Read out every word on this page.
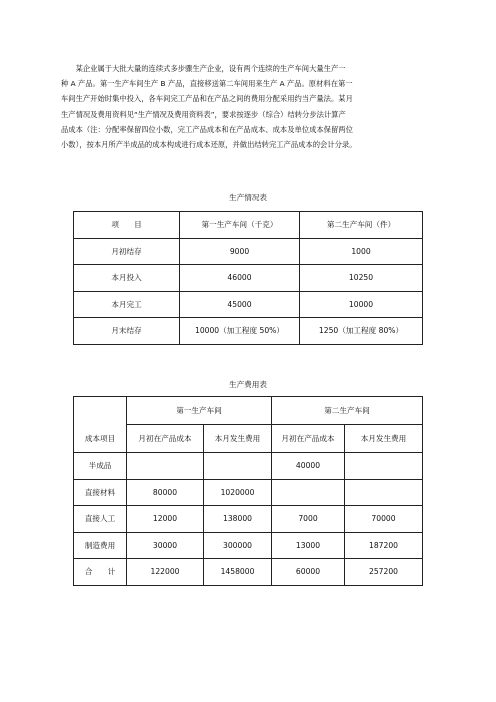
　　某企业属于大批大量的连续式多步骤生产企业，设有两个连续的生产车间大量生产一
种 A 产品。第一生产车间生产 B 产品，直接移送第二车间用来生产 A 产品。原材料在第一
车间生产开始时集中投入，各车间完工产品和在产品之间的费用分配采用约当产量法。某月
生产情况及费用资料见“生产情况及费用资料表”，要求按逐步（综合）结转分步法计算产
品成本（注：分配率保留四位小数，完工产品成本和在产品成本、成本及单位成本保留两位
小数），按本月所产半成品的成本构成进行成本还原，并做出结转完工产品成本的会计分录。
生产情况表
项　　目	第一生产车间（千克）	第二生产车间（件）
月初结存	9000	1000
本月投入	46000	10250
本月完工	45000	10000
月末结存	10000（加工程度 50%）	1250（加工程度 80%）
生产费用表
	第一生产车间		第二生产车间	
成本项目	月初在产品成本	本月发生费用	月初在产品成本	本月发生费用
半成品			40000	
直接材料	80000	1020000		
直接人工	12000	138000	7000	70000
制造费用	30000	300000	13000	187200
合　　计	122000	1458000	60000	257200
